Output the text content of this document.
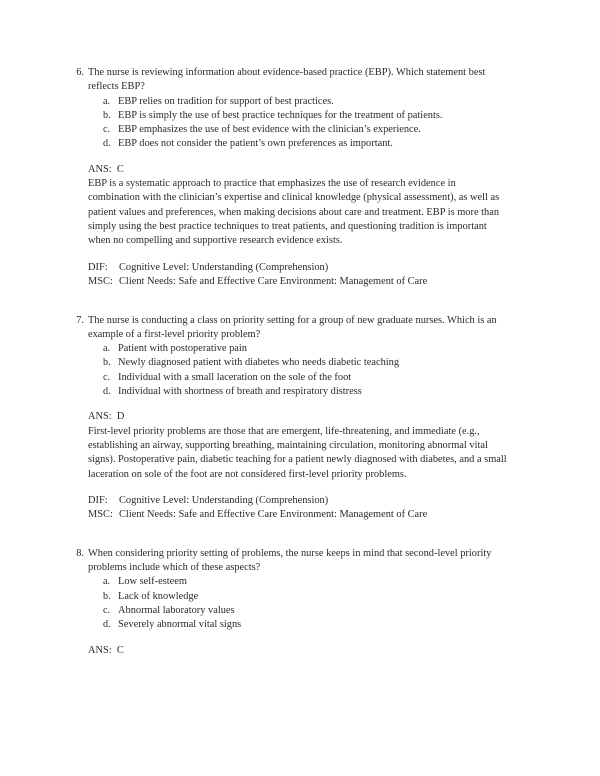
6. The nurse is reviewing information about evidence-based practice (EBP). Which statement best reflects EBP?
a. EBP relies on tradition for support of best practices.
b. EBP is simply the use of best practice techniques for the treatment of patients.
c. EBP emphasizes the use of best evidence with the clinician’s experience.
d. EBP does not consider the patient’s own preferences as important.
ANS:  C
EBP is a systematic approach to practice that emphasizes the use of research evidence in combination with the clinician’s expertise and clinical knowledge (physical assessment), as well as patient values and preferences, when making decisions about care and treatment. EBP is more than simply using the best practice techniques to treat patients, and questioning tradition is important when no compelling and supportive research evidence exists.
DIF:	Cognitive Level: Understanding (Comprehension)
MSC: Client Needs: Safe and Effective Care Environment: Management of Care
7. The nurse is conducting a class on priority setting for a group of new graduate nurses. Which is an example of a first-level priority problem?
a. Patient with postoperative pain
b. Newly diagnosed patient with diabetes who needs diabetic teaching
c. Individual with a small laceration on the sole of the foot
d. Individual with shortness of breath and respiratory distress
ANS:  D
First-level priority problems are those that are emergent, life-threatening, and immediate (e.g., establishing an airway, supporting breathing, maintaining circulation, monitoring abnormal vital signs). Postoperative pain, diabetic teaching for a patient newly diagnosed with diabetes, and a small laceration on sole of the foot are not considered first-level priority problems.
DIF:	Cognitive Level: Understanding (Comprehension)
MSC: Client Needs: Safe and Effective Care Environment: Management of Care
8. When considering priority setting of problems, the nurse keeps in mind that second-level priority problems include which of these aspects?
a. Low self-esteem
b. Lack of knowledge
c. Abnormal laboratory values
d. Severely abnormal vital signs
ANS:  C
